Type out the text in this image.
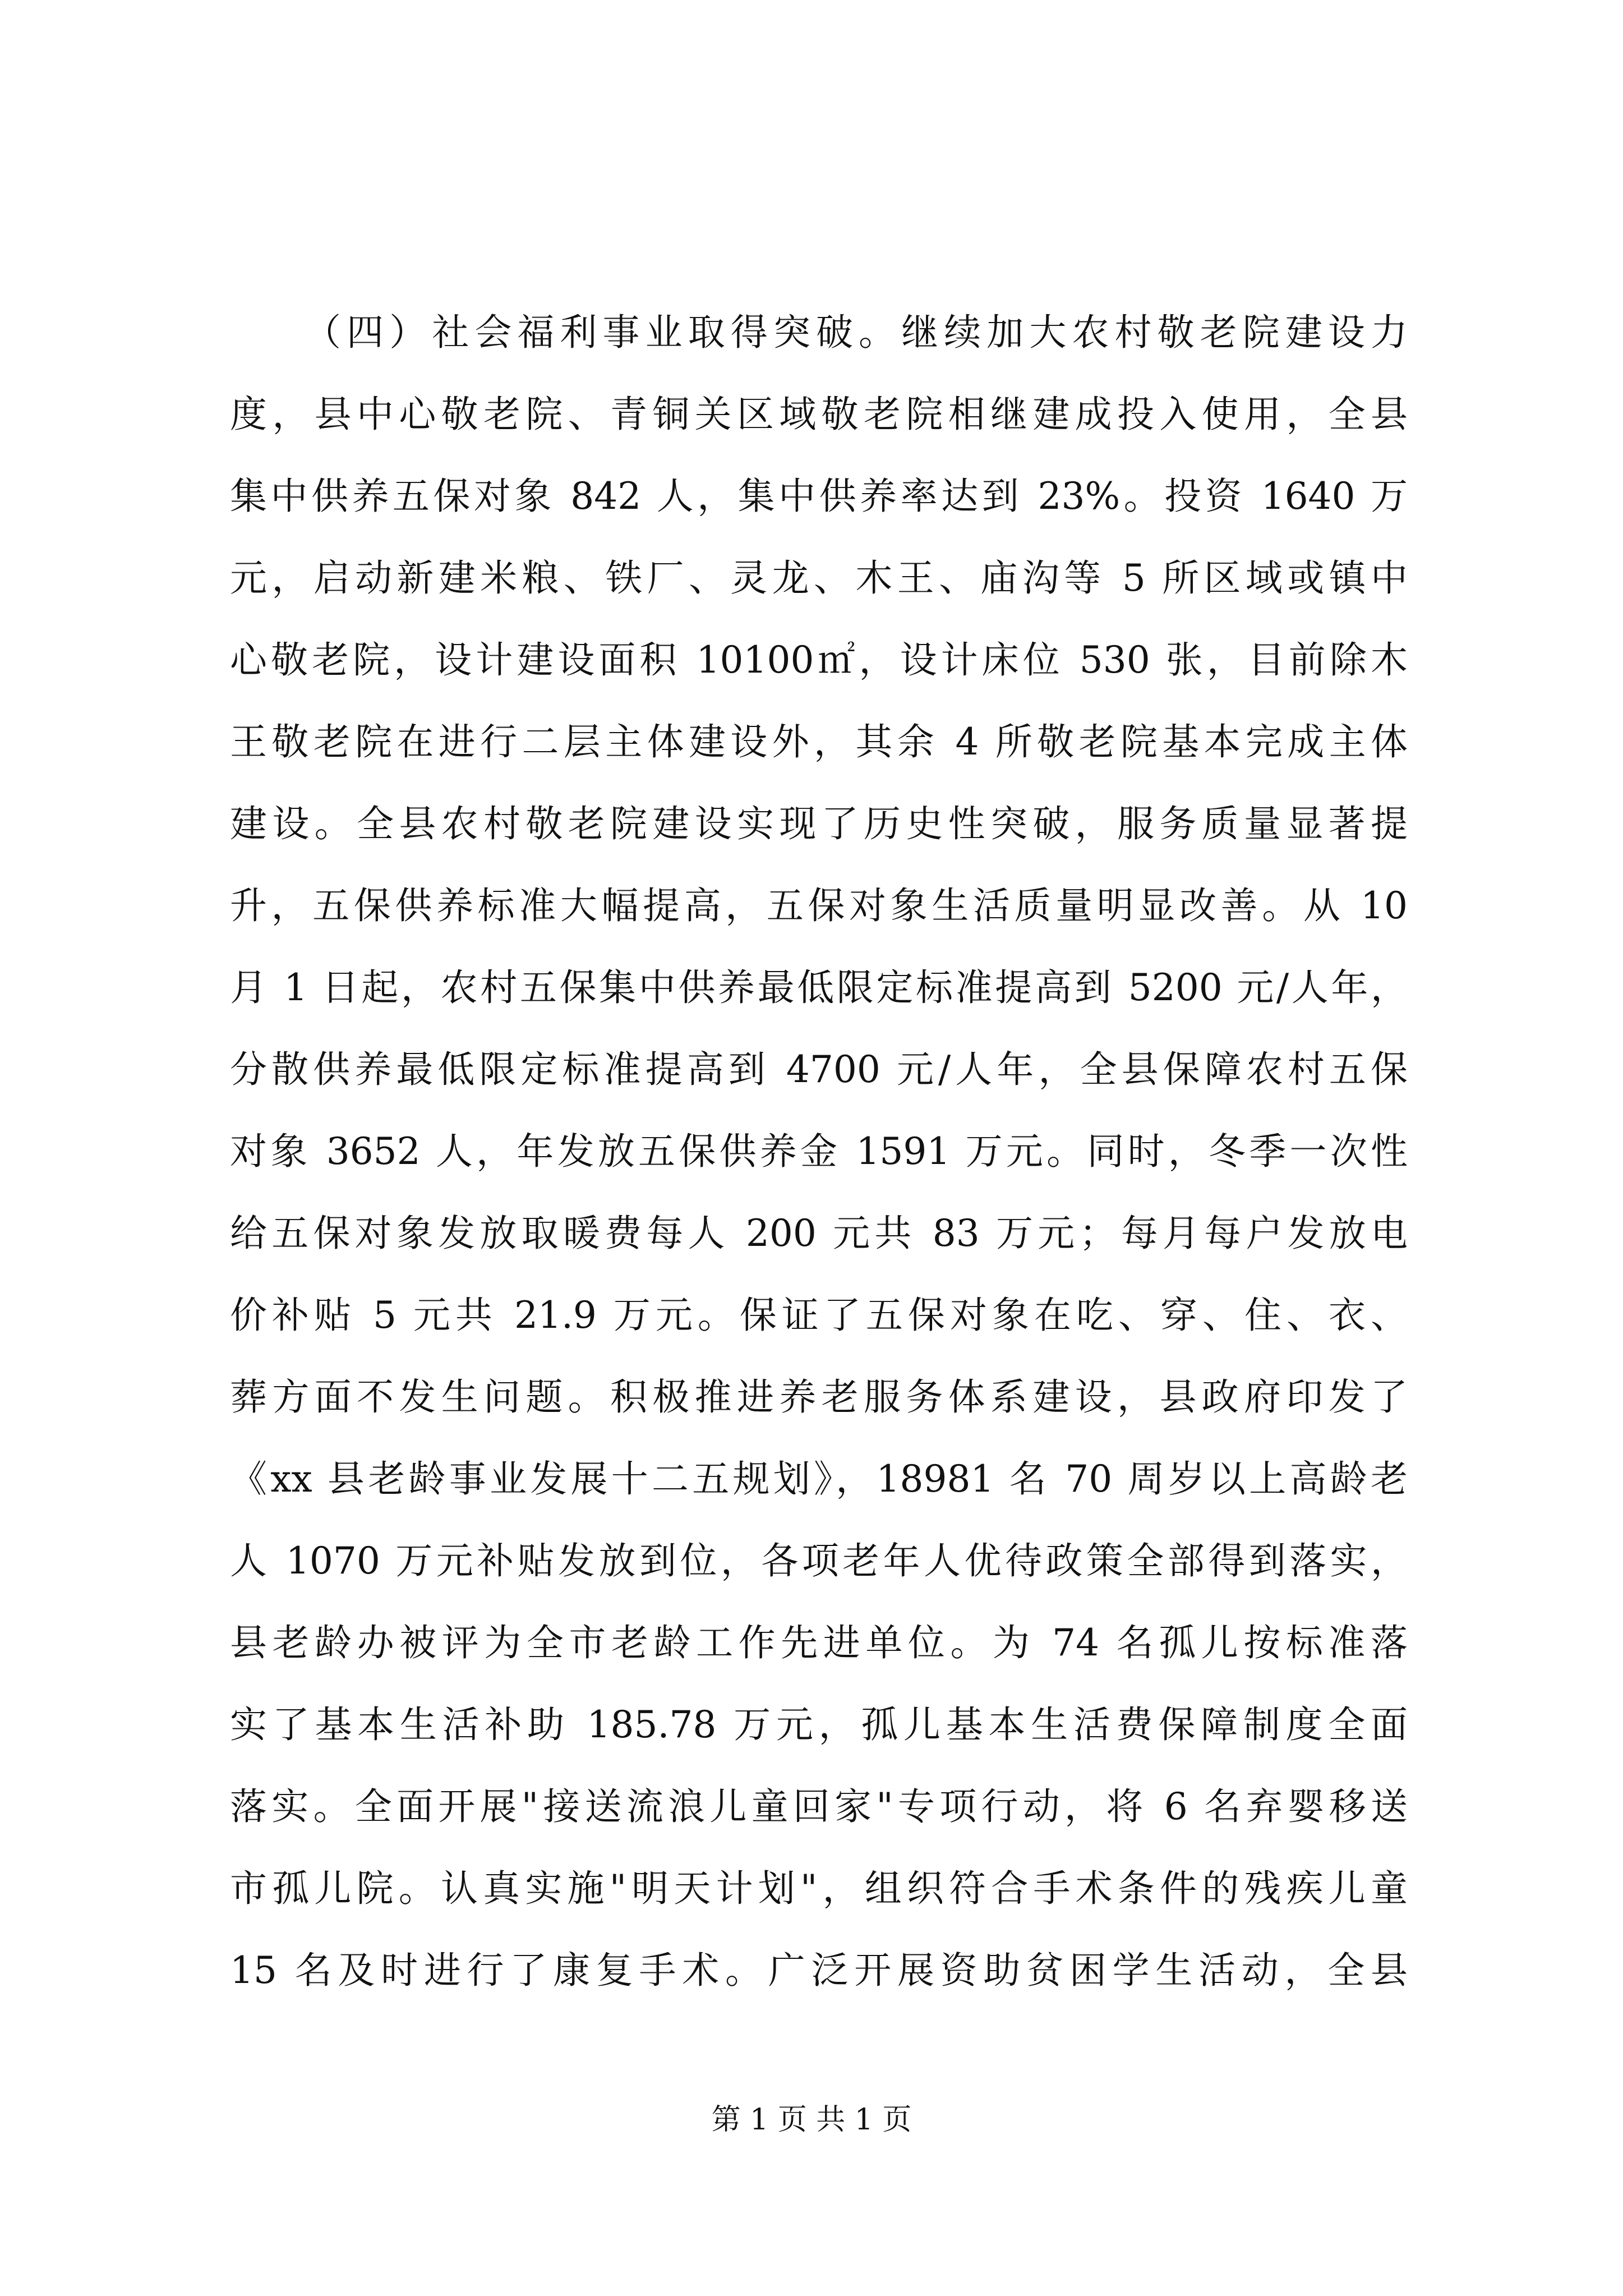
（四）社会福利事业取得突破。继续加大农村敬老院建设力
度，县中心敬老院、青铜关区域敬老院相继建成投入使用，全县
集中供养五保对象 842 人，集中供养率达到 23%。投资 1640 万
元，启动新建米粮、铁厂、灵龙、木王、庙沟等 5 所区域或镇中
心敬老院，设计建设面积 10100㎡，设计床位 530 张，目前除木
王敬老院在进行二层主体建设外，其余 4 所敬老院基本完成主体
建设。全县农村敬老院建设实现了历史性突破，服务质量显著提
升，五保供养标准大幅提高，五保对象生活质量明显改善。从 10
月 1 日起，农村五保集中供养最低限定标准提高到 5200 元/人年，
分散供养最低限定标准提高到 4700 元/人年，全县保障农村五保
对象 3652 人，年发放五保供养金 1591 万元。同时，冬季一次性
给五保对象发放取暖费每人 200 元共 83 万元；每月每户发放电
价补贴 5 元共 21.9 万元。保证了五保对象在吃、穿、住、衣、
葬方面不发生问题。积极推进养老服务体系建设，县政府印发了
《xx 县老龄事业发展十二五规划》，18981 名 70 周岁以上高龄老
人 1070 万元补贴发放到位，各项老年人优待政策全部得到落实，
县老龄办被评为全市老龄工作先进单位。为 74 名孤儿按标准落
实了基本生活补助 185.78 万元，孤儿基本生活费保障制度全面
落实。全面开展"接送流浪儿童回家"专项行动，将 6 名弃婴移送
市孤儿院。认真实施"明天计划"，组织符合手术条件的残疾儿童
15 名及时进行了康复手术。广泛开展资助贫困学生活动，全县
第 1 页 共 1 页
